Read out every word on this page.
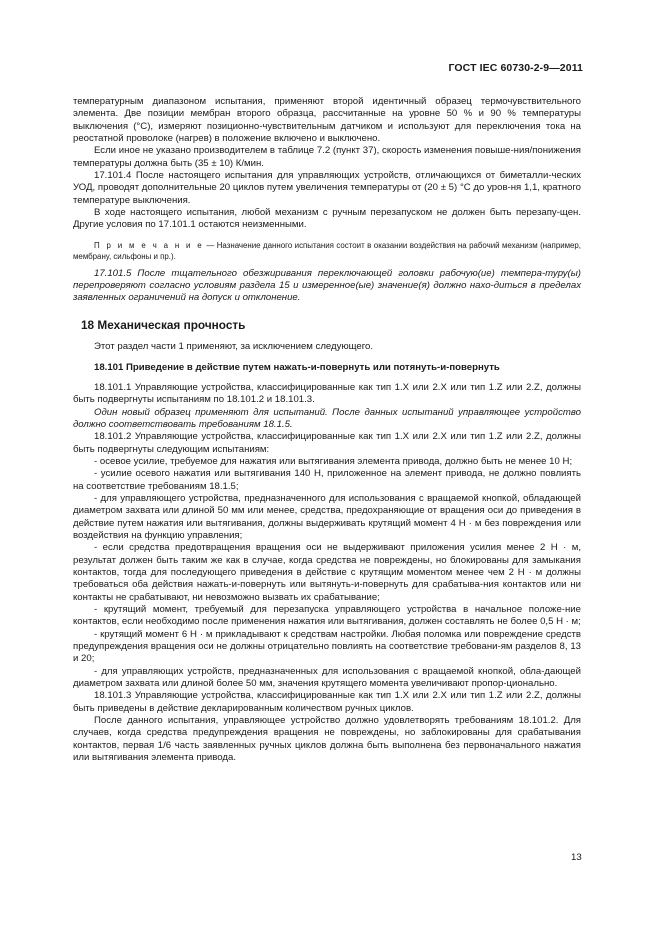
ГОСТ IEC 60730-2-9—2011

температурным диапазоном испытания, применяют второй идентичный образец термочувствительного элемента. Две позиции мембран второго образца, рассчитанные на уровне 50 % и 90 % температуры выключения (°С), измеряют позиционно-чувствительным датчиком и используют для переключения тока на реостатной проволоке (нагрев) в положение включено и выключено.

Если иное не указано производителем в таблице 7.2 (пункт 37), скорость изменения повыше-ния/понижения температуры должна быть (35 ± 10) К/мин.

17.101.4 После настоящего испытания для управляющих устройств, отличающихся от биметалли-ческих УОД, проводят дополнительные 20 циклов путем увеличения температуры от (20 ± 5) °С до уров-ня 1,1, кратного температуре выключения.

В ходе настоящего испытания, любой механизм с ручным перезапуском не должен быть перезапу-щен. Другие условия по 17.101.1 остаются неизменными.

П р и м е ч а н и е — Назначение данного испытания состоит в оказании воздействия на рабочий механизм (например, мембрану, сильфоны и пр.).

17.101.5 После тщательного обезжиривания переключающей головки рабочую(ие) темпера-туру(ы) перепроверяют согласно условиям раздела 15 и измеренное(ые) значение(я) должно нахо-диться в пределах заявленных ограничений на допуск и отклонение.

18 Механическая прочность

Этот раздел части 1 применяют, за исключением следующего.

18.101 Приведение в действие путем нажать-и-повернуть или потянуть-и-повернуть

18.101.1 Управляющие устройства, классифицированные как тип 1.X или 2.X или тип 1.Z или 2.Z, должны быть подвергнуты испытаниям по 18.101.2 и 18.101.3.

Один новый образец применяют для испытаний. После данных испытаний управляющее устройство должно соответствовать требованиям 18.1.5.

18.101.2 Управляющие устройства, классифицированные как тип 1.X или 2.X или тип 1.Z или 2.Z, должны быть подвергнуты следующим испытаниям:

- осевое усилие, требуемое для нажатия или вытягивания элемента привода, должно быть не менее 10 Н;

- усилие осевого нажатия или вытягивания 140 Н, приложенное на элемент привода, не должно повлиять на соответствие требованиям 18.1.5;

- для управляющего устройства, предназначенного для использования с вращаемой кнопкой, обладающей диаметром захвата или длиной 50 мм или менее, средства, предохраняющие от вращения оси до приведения в действие путем нажатия или вытягивания, должны выдерживать крутящий момент 4 Н · м без повреждения или воздействия на функцию управления;

- если средства предотвращения вращения оси не выдерживают приложения усилия менее 2 Н · м, результат должен быть таким же как в случае, когда средства не повреждены, но блокированы для замыкания контактов, тогда для последующего приведения в действие с крутящим моментом менее чем 2 Н · м должны требоваться оба действия нажать-и-повернуть или вытянуть-и-повернуть для срабатыва-ния контактов или ни контакты не срабатывают, ни невозможно вызвать их срабатывание;

- крутящий момент, требуемый для перезапуска управляющего устройства в начальное положе-ние контактов, если необходимо после применения нажатия или вытягивания, должен составлять не более 0,5 Н · м;

- крутящий момент 6 Н · м прикладывают к средствам настройки. Любая поломка или повреждение средств предупреждения вращения оси не должны отрицательно повлиять на соответствие требовани-ям разделов 8, 13 и 20;

- для управляющих устройств, предназначенных для использования с вращаемой кнопкой, обла-дающей диаметром захвата или длиной более 50 мм, значения крутящего момента увеличивают пропор-ционально.

18.101.3 Управляющие устройства, классифицированные как тип 1.X или 2.X или тип 1.Z или 2.Z, должны быть приведены в действие декларированным количеством ручных циклов.

После данного испытания, управляющее устройство должно удовлетворять требованиям 18.101.2. Для случаев, когда средства предупреждения вращения не повреждены, но заблокированы для срабатывания контактов, первая 1/6 часть заявленных ручных циклов должна быть выполнена без первоначального нажатия или вытягивания элемента привода.

13
